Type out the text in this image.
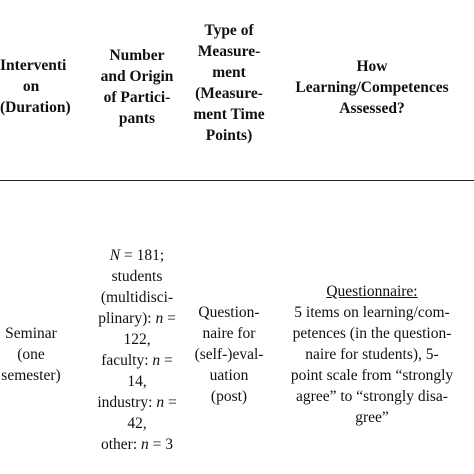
Interventi
on
(Duration)
Number
and Origin
of Partici-
pants
Type of
Measure-
ment
(Measure-
ment Time
Points)
How
Learning/Competences
Assessed?
Seminar
(one
semester)
N = 181;
students
(multidisci-
plinary): n =
122,
faculty: n =
14,
industry: n =
42,
other: n = 3
Question-
naire for
(self-)eval-
uation
(post)
Questionnaire:
5 items on learning/com-
petences (in the question-
naire for students), 5-
point scale from “strongly
agree” to “strongly disa-
gree”
